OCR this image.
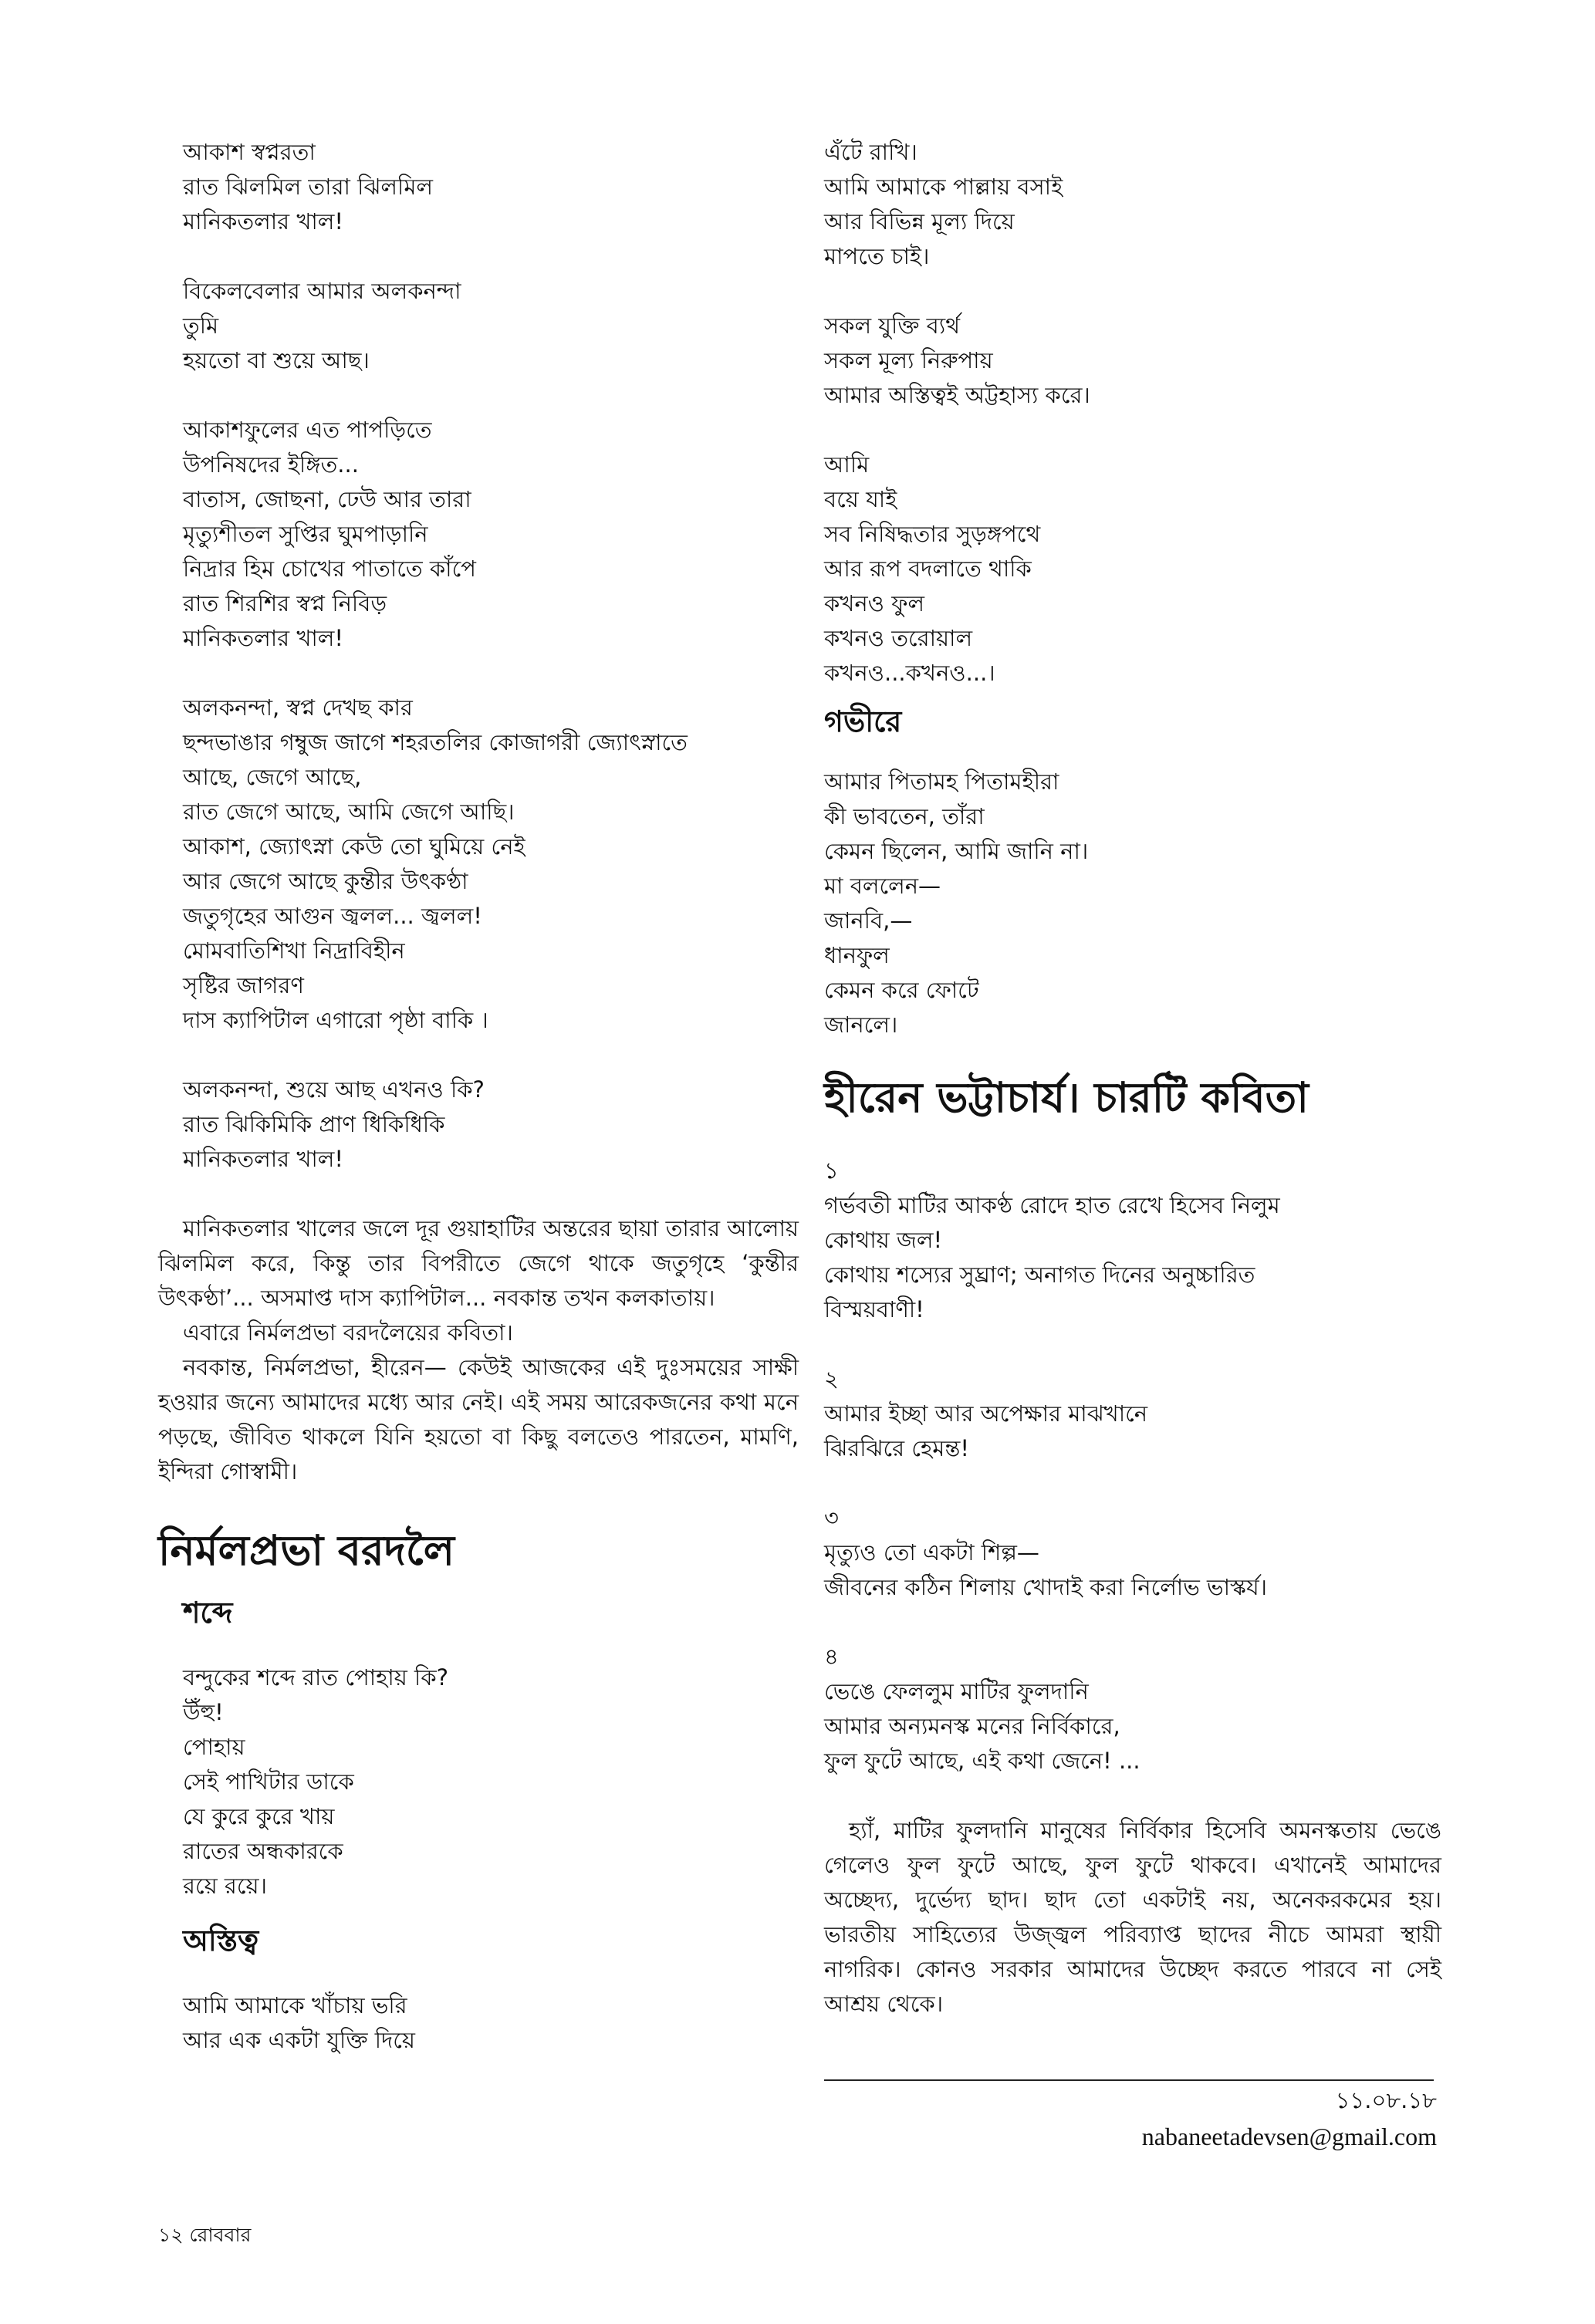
আকাশ স্বপ্নরতা
রাত ঝিলমিল তারা ঝিলমিল
মানিকতলার খাল!
বিকেলবেলার আমার অলকনন্দা
তুমি
হয়তো বা শুয়ে আছ।
আকাশফুলের এত পাপড়িতে
উপনিষদের ইঙ্গিত...
বাতাস, জোছনা, ঢেউ আর তারা
মৃত্যুশীতল সুপ্তির ঘুমপাড়ানি
নিদ্রার হিম চোখের পাতাতে কাঁপে
রাত শিরশির স্বপ্ন নিবিড়
মানিকতলার খাল!
অলকনন্দা, স্বপ্ন দেখছ কার
ছন্দভাঙার গম্বুজ জাগে শহরতলির কোজাগরী জ্যোৎস্নাতে
আছে, জেগে আছে,
রাত জেগে আছে, আমি জেগে আছি।
আকাশ, জ্যোৎস্না কেউ তো ঘুমিয়ে নেই
আর জেগে আছে কুন্তীর উৎকণ্ঠা
জতুগৃহের আগুন জ্বলল... জ্বলল!
মোমবাতিশিখা নিদ্রাবিহীন
সৃষ্টির জাগরণ
দাস ক্যাপিটাল এগারো পৃষ্ঠা বাকি ।
অলকনন্দা, শুয়ে আছ এখনও কি?
রাত ঝিকিমিকি প্রাণ ধিকিধিকি
মানিকতলার খাল!

মানিকতলার খালের জলে দূর গুয়াহাটির অন্তরের ছায়া তারার আলোয় ঝিলমিল করে, কিন্তু তার বিপরীতে জেগে থাকে জতুগৃহে ‘কুন্তীর উৎকণ্ঠা’... অসমাপ্ত দাস ক্যাপিটাল... নবকান্ত তখন কলকাতায়।

এবারে নির্মলপ্রভা বরদলৈয়ের কবিতা।

নবকান্ত, নির্মলপ্রভা, হীরেন— কেউই আজকের এই দুঃসময়ের সাক্ষী হওয়ার জন্যে আমাদের মধ্যে আর নেই। এই সময় আরেকজনের কথা মনে পড়ছে, জীবিত থাকলে যিনি হয়তো বা কিছু বলতেও পারতেন, মামণি, ইন্দিরা গোস্বামী।

নির্মলপ্রভা বরদলৈ
শব্দে
বন্দুকের শব্দে রাত পোহায় কি?
উঁহু!
পোহায়
সেই পাখিটার ডাকে
যে কুরে কুরে খায়
রাতের অন্ধকারকে
রয়ে রয়ে।
অস্তিত্ব
আমি আমাকে খাঁচায় ভরি
আর এক একটা যুক্তি দিয়ে
এঁটে রাখি।
আমি আমাকে পাল্লায় বসাই
আর বিভিন্ন মূল্য দিয়ে
মাপতে চাই।
সকল যুক্তি ব্যর্থ
সকল মূল্য নিরুপায়
আমার অস্তিত্বই অট্টহাস্য করে।
আমি
বয়ে যাই
সব নিষিদ্ধতার সুড়ঙ্গপথে
আর রূপ বদলাতে থাকি
কখনও ফুল
কখনও তরোয়াল
কখনও...কখনও...।
গভীরে
আমার পিতামহ পিতামহীরা
কী ভাবতেন, তাঁরা
কেমন ছিলেন, আমি জানি না।
মা বললেন—
জানবি,—
ধানফুল
কেমন করে ফোটে
জানলে।
হীরেন ভট্টাচার্য। চারটি কবিতা
১
গর্ভবতী মাটির আকণ্ঠ রোদে হাত রেখে হিসেব নিলুম
কোথায় জল!
কোথায় শস্যের সুঘ্রাণ; অনাগত দিনের অনুচ্চারিত
বিস্ময়বাণী!
২
আমার ইচ্ছা আর অপেক্ষার মাঝখানে
ঝিরঝিরে হেমন্ত!
৩
মৃত্যুও তো একটা শিল্প—
জীবনের কঠিন শিলায় খোদাই করা নির্লোভ ভাস্কর্য।
৪
ভেঙে ফেললুম মাটির ফুলদানি
আমার অন্যমনস্ক মনের নির্বিকারে,
ফুল ফুটে আছে, এই কথা জেনে! ...

হ্যাঁ, মাটির ফুলদানি মানুষের নির্বিকার হিসেবি অমনস্কতায় ভেঙে গেলেও ফুল ফুটে আছে, ফুল ফুটে থাকবে। এখানেই আমাদের অচ্ছেদ্য, দুর্ভেদ্য ছাদ। ছাদ তো একটাই নয়, অনেকরকমের হয়। ভারতীয় সাহিত্যের উজ্জ্বল পরিব্যাপ্ত ছাদের নীচে আমরা স্থায়ী নাগরিক। কোনও সরকার আমাদের উচ্ছেদ করতে পারবে না সেই আশ্রয় থেকে।

১১.০৮.১৮
nabaneetadevsen@gmail.com
১২ রোববার
